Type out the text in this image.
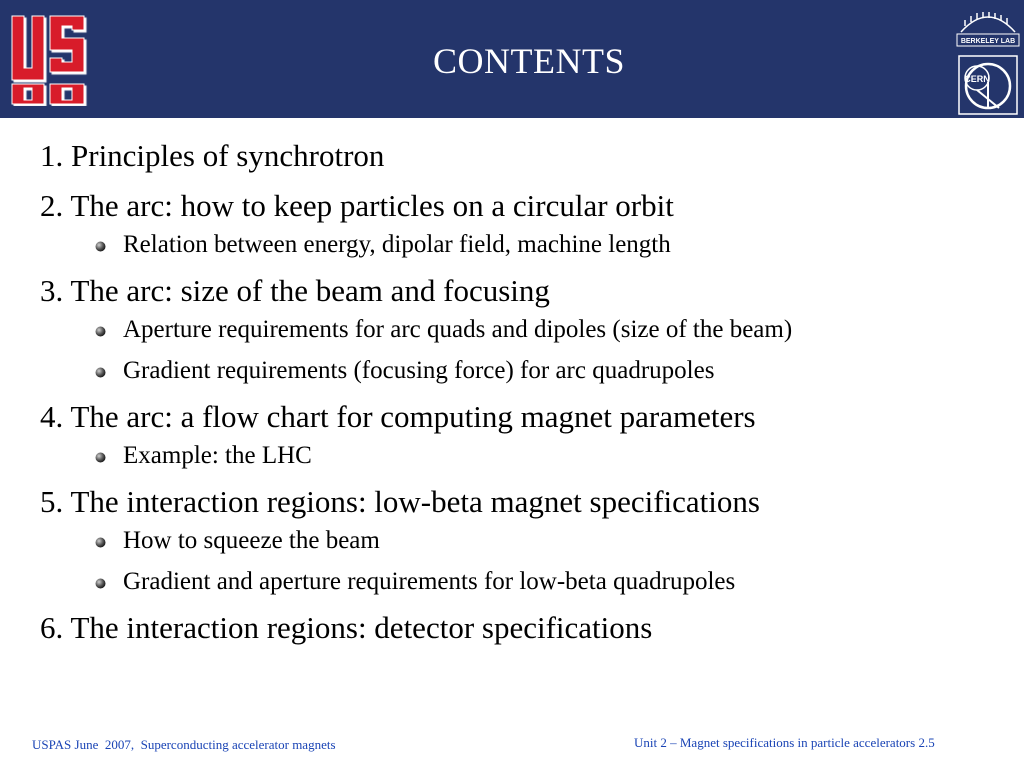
CONTENTS	BERKELEY LAB
CERN
1. Principles of synchrotron
2. The arc: how to keep particles on a circular orbit
Relation between energy, dipolar field, machine length
3. The arc: size of the beam and focusing
Aperture requirements for arc quads and dipoles (size of the beam)
Gradient requirements (focusing force) for arc quadrupoles
4. The arc: a flow chart for computing magnet parameters
Example: the LHC
5. The interaction regions: low-beta magnet specifications
How to squeeze the beam
Gradient and aperture requirements for low-beta quadrupoles
6. The interaction regions: detector specifications
USPAS June  2007,  Superconducting accelerator magnets	Unit 2 – Magnet specifications in particle accelerators 2.5
